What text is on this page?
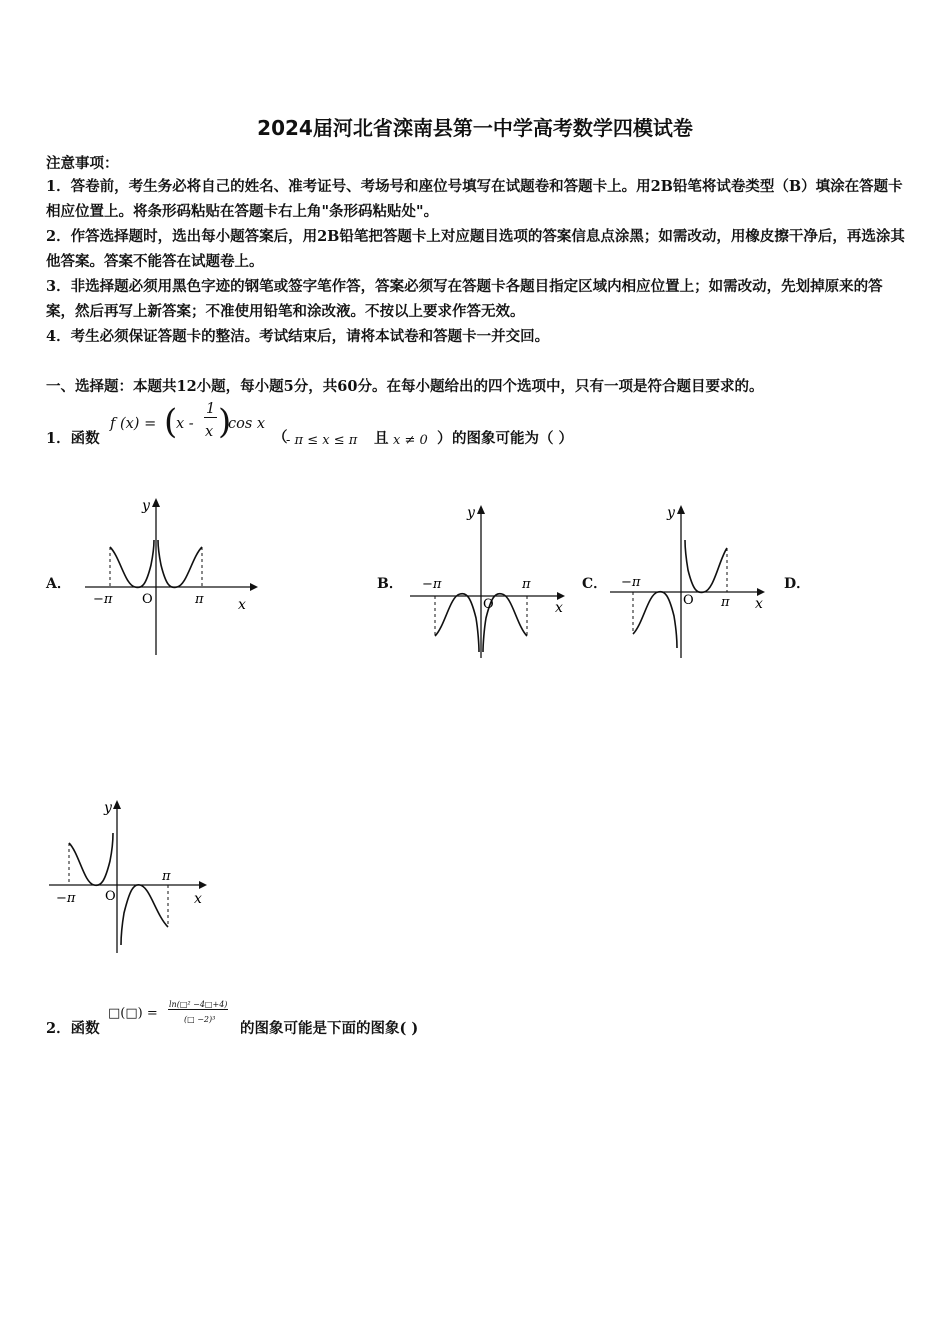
2024届河北省滦南县第一中学高考数学四模试卷
注意事项：
1．答卷前，考生务必将自己的姓名、准考证号、考场号和座位号填写在试题卷和答题卡上。用2B铅笔将试卷类型（B）填涂在答题卡相应位置上。将条形码粘贴在答题卡右上角"条形码粘贴处"。
2．作答选择题时，选出每小题答案后，用2B铅笔把答题卡上对应题目选项的答案信息点涂黑；如需改动，用橡皮擦干净后，再选涂其他答案。答案不能答在试题卷上。
3．非选择题必须用黑色字迹的钢笔或签字笔作答，答案必须写在答题卡各题目指定区域内相应位置上；如需改动，先划掉原来的答案，然后再写上新答案；不准使用铅笔和涂改液。不按以上要求作答无效。
4．考生必须保证答题卡的整洁。考试结束后，请将本试卷和答题卡一并交回。
一、选择题：本题共12小题，每小题5分，共60分。在每小题给出的四个选项中，只有一项是符合题目要求的。
1．函数
f (x) = (
x -
1
x )
cos x
（
- π ≤ x ≤ π 且 x ≠ 0 ） 的图象可能为（ ）
A．	B．	C．	D．
y
x
O
−π	π
y
x
O
−π	π
y
x
O
−π
π
y
x
O
−π
π
2．函数
□(□) =
ln(□² −4□+4)
(□ −2)³
的图象可能是下面的图象( )
